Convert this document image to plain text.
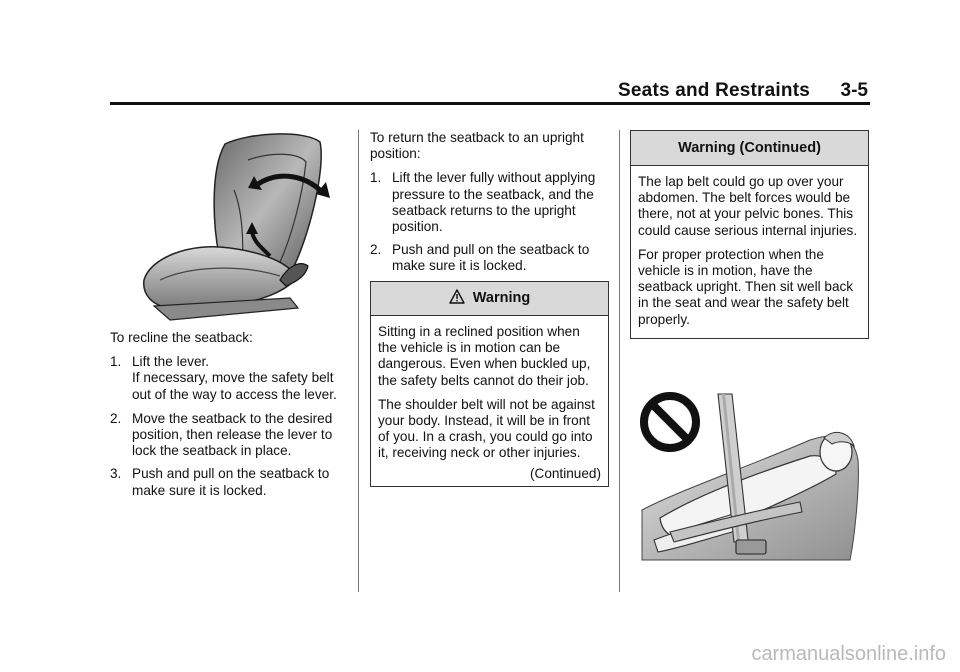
Seats and Restraints 3-5

To recline the seatback:

1. Lift the lever.

If necessary, move the safety belt out of the way to access the lever.

2. Move the seatback to the desired position, then release the lever to lock the seatback in place.
3. Push and pull on the seatback to make sure it is locked.

To return the seatback to an upright position:

1. Lift the lever fully without applying pressure to the seatback, and the seatback returns to the upright position.
2. Push and pull on the seatback to make sure it is locked.
Warning

Sitting in a reclined position when the vehicle is in motion can be dangerous. Even when buckled up, the safety belts cannot do their job.

The shoulder belt will not be against your body. Instead, it will be in front of you. In a crash, you could go into it, receiving neck or other injuries.

(Continued)
Warning (Continued)

The lap belt could go up over your abdomen. The belt forces would be there, not at your pelvic bones. This could cause serious internal injuries.

For proper protection when the vehicle is in motion, have the seatback upright. Then sit well back in the seat and wear the safety belt properly.

carmanualsonline.info
